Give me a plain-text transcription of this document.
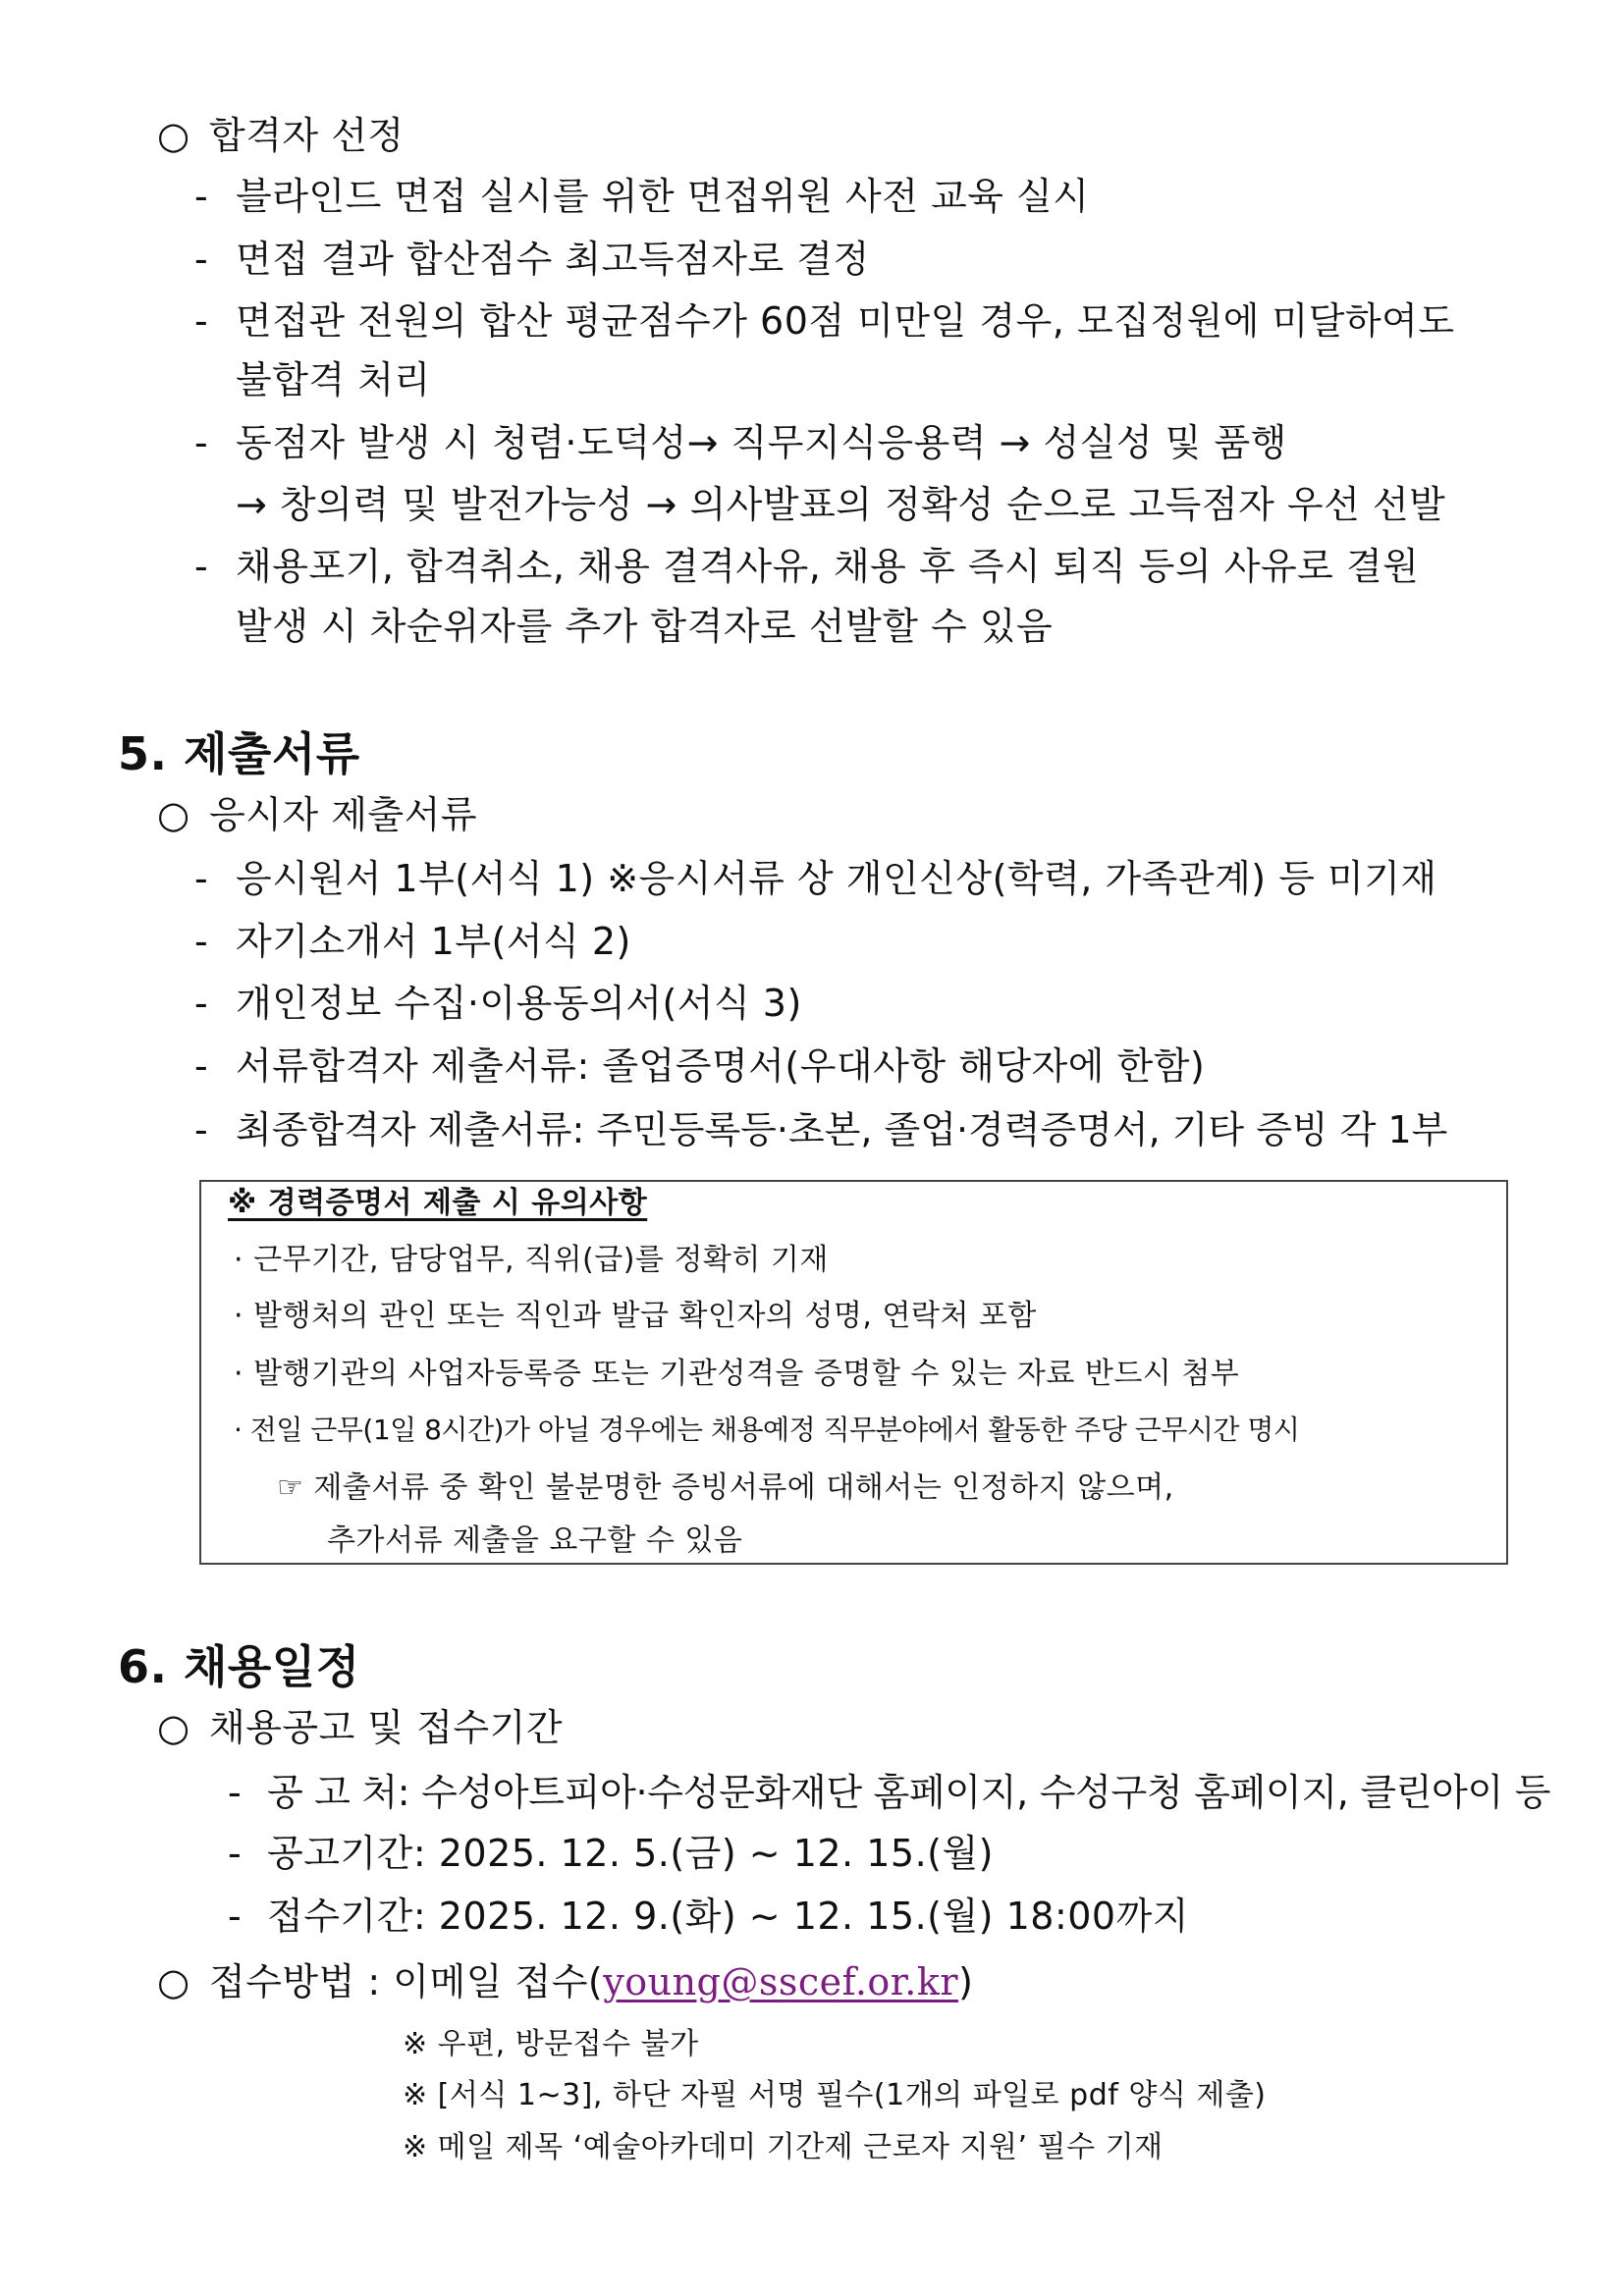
○ 합격자 선정
- 블라인드 면접 실시를 위한 면접위원 사전 교육 실시
- 면접 결과 합산점수 최고득점자로 결정
- 면접관 전원의 합산 평균점수가 60점 미만일 경우, 모집정원에 미달하여도
불합격 처리
- 동점자 발생 시 청렴·도덕성→ 직무지식응용력 → 성실성 및 품행
→ 창의력 및 발전가능성 → 의사발표의 정확성 순으로 고득점자 우선 선발
- 채용포기, 합격취소, 채용 결격사유, 채용 후 즉시 퇴직 등의 사유로 결원
발생 시 차순위자를 추가 합격자로 선발할 수 있음
5. 제출서류
○ 응시자 제출서류
- 응시원서 1부(서식 1) ※응시서류 상 개인신상(학력, 가족관계) 등 미기재
- 자기소개서 1부(서식 2)
- 개인정보 수집·이용동의서(서식 3)
- 서류합격자 제출서류: 졸업증명서(우대사항 해당자에 한함)
- 최종합격자 제출서류: 주민등록등·초본, 졸업·경력증명서, 기타 증빙 각 1부
※ 경력증명서 제출 시 유의사항
· 근무기간, 담당업무, 직위(급)를 정확히 기재
· 발행처의 관인 또는 직인과 발급 확인자의 성명, 연락처 포함
· 발행기관의 사업자등록증 또는 기관성격을 증명할 수 있는 자료 반드시 첨부
· 전일 근무(1일 8시간)가 아닐 경우에는 채용예정 직무분야에서 활동한 주당 근무시간 명시
☞ 제출서류 중 확인 불분명한 증빙서류에 대해서는 인정하지 않으며,
추가서류 제출을 요구할 수 있음
6. 채용일정
○ 채용공고 및 접수기간
- 공 고 처: 수성아트피아·수성문화재단 홈페이지, 수성구청 홈페이지, 클린아이 등
- 공고기간: 2025. 12. 5.(금) ~ 12. 15.(월)
- 접수기간: 2025. 12. 9.(화) ~ 12. 15.(월) 18:00까지
○ 접수방법 : 이메일 접수(young@sscef.or.kr)
※ 우편, 방문접수 불가
※ [서식 1~3], 하단 자필 서명 필수(1개의 파일로 pdf 양식 제출)
※ 메일 제목 ‘예술아카데미 기간제 근로자 지원’ 필수 기재
